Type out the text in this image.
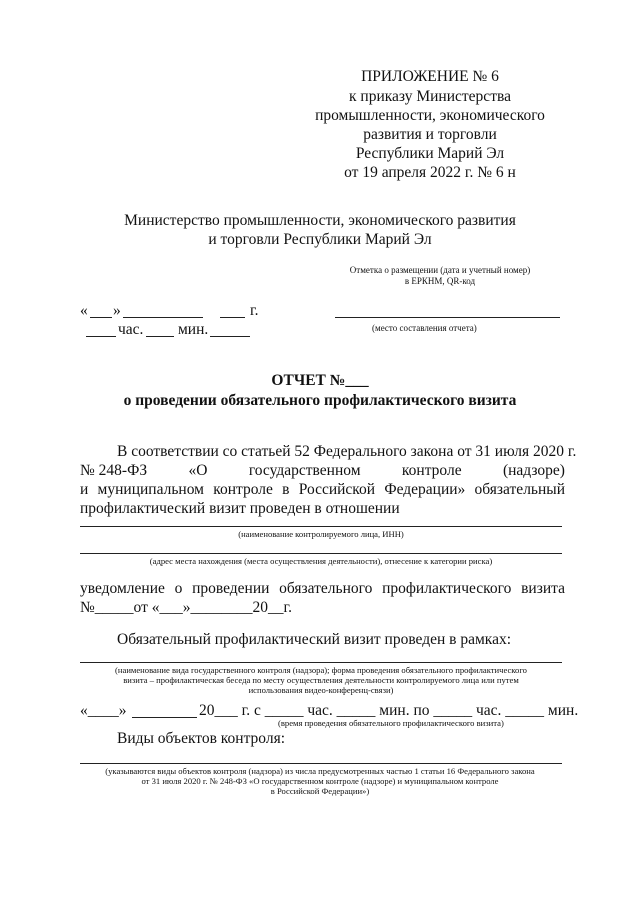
ПРИЛОЖЕНИЕ № 6
к приказу Министерства
промышленности, экономического
развития и торговли
Республики Марий Эл
от 19 апреля 2022 г. № 6 н
Министерство промышленности, экономического развития
и торговли Республики Марий Эл
Отметка о размещении (дата и учетный номер)
в ЕРКНМ, QR-код
« »	г.
час. мин.	(место составления отчета)
ОТЧЕТ №___
о проведении обязательного профилактического визита
В соответствии со статьей 52 Федерального закона от 31 июля 2020 г.
№ 248-ФЗ	«О	государственном	контроле	(надзоре)
и муниципальном контроле в Российской Федерации» обязательный
профилактический визит проведен в отношении
(наименование контролируемого лица, ИНН)
(адрес места нахождения (места осуществления деятельности), отнесение к категории риска)
уведомление о проведении обязательного профилактического визита
№_____от «___»________20__г.
Обязательный профилактический визит проведен в рамках:
(наименование вида государственного контроля (надзора); форма проведения обязательного профилактического
визита – профилактическая беседа по месту осуществления деятельности контролируемого лица или путем
использования видео-конференц-связи)
«____»	20___ г. с _____ час. _____ мин. по _____ час. _____ мин.
(время проведения обязательного профилактического визита)
Виды объектов контроля:
(указываются виды объектов контроля (надзора) из числа предусмотренных частью 1 статьи 16 Федерального закона
от 31 июля 2020 г. № 248-ФЗ «О государственном контроле (надзоре) и муниципальном контроле
в Российской Федерации»)
